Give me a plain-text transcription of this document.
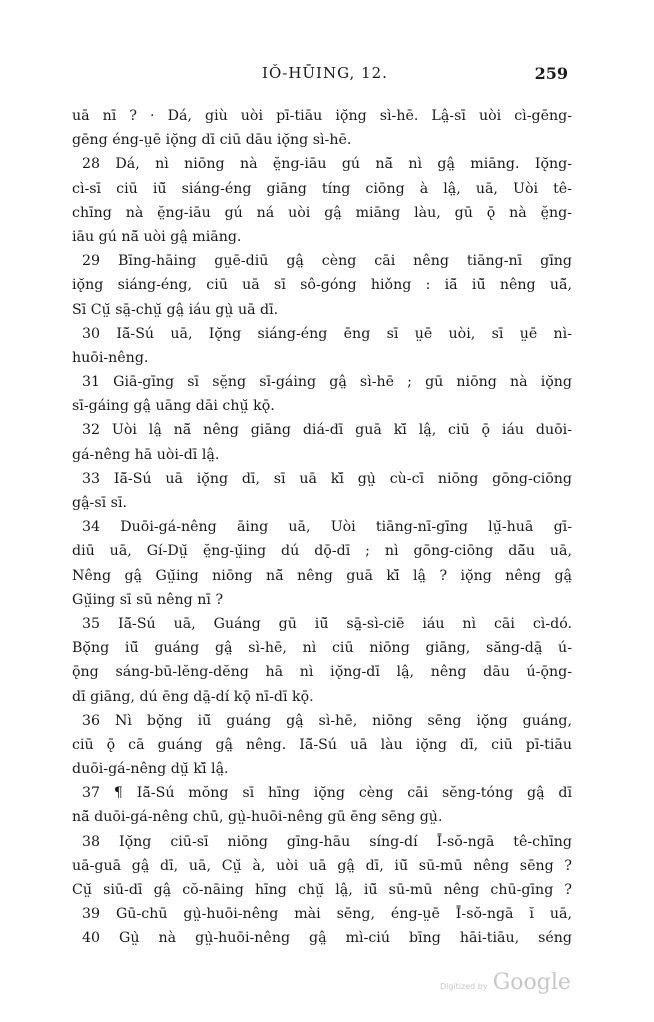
IǑ-HŪING, 12.	259
uā nī ? · Dá, giù uòi pī-tiāu iǫ̆ng sì-hē. Lâ̤-sī uòi cì-gēng-
gēng éng-ṳē iǫ̆ng dī ciū dāu iǫ̆ng sì-hē.
28 Dá, nì niōng nà ĕ̤ng-iāu gú nā̆ nì gâ̤ miāng. Iǫ̆ng-
cì-sī ciū iū̆ siáng-éng giāng tíng ciōng à lâ̤, uā, Uòi tê-
chīng nà ĕ̤ng-iāu gú ná uòi gâ̤ miāng làu, gū ǭ nà ĕ̤ng-
iāu gú nā̆ uòi gâ̤ miāng.
29 Bīng-hāing gṳē-diū gâ̤ cèng cāi nêng tiāng-nī gīng
iǫ̆ng siáng-éng, ciū uā sī sô-góng hiǒng : iā̆ iū̆ nêng uā̆,
Sī Cṳ̆ sā̤-chṳ̆ gâ̤ iáu gṳ̀ uā dī.
30 Iā̆-Sú uā, Iǫ̆ng siáng-éng ēng sī ṳē uòi, sī ṳē nì-
huōi-nêng.
31 Giā-gīng sī sĕ̤ng sī-gáing gâ̤ sì-hē ; gū niōng nà iǫ̆ng
sī-gáing gâ̤ uāng dāi chṳ̆ kǭ.
32 Uòi lâ̤ nā̆ nêng giāng diá-dī guā kī̆ lâ̤, ciū ǭ iáu duōi-
gá-nêng hā uòi-dī lâ̤.
33 Iā̆-Sú uā iǫ̆ng dī, sī uā kī̆ gṳ̀ cù-cī niōng gōng-ciōng
gâ̤-sī sī.
34 Duōi-gá-nêng āing uā, Uòi tiāng-nī-gīng lṳ̆-huā gī-
diū uā, Gí-Dṳ̆ ĕ̤ng-ṳ̆ing dú dǭ-dī ; nì gōng-ciōng dā̆u uā,
Nêng gâ̤ Gṳ̆ing niōng nā̆ nêng guā kī̆ lâ̤ ? iǫ̆ng nêng gâ̤
Gṳ̆ing sī sū nêng nī ?
35 Iā̆-Sú uā, Guáng gū iū̆ sā̤-sì-ciē iáu nì cāi cì-dó.
Bǫ̆ng iū̆ guáng gâ̤ sì-hē, nì ciū niōng giāng, săng-dā̤ ú-
ǭng sáng-bū-lĕng-dĕng hā nì iǫ̆ng-dī lâ̤, nêng dāu ú-ǭng-
dī giāng, dú ēng dā̤-dí kǭ nī-dī kǭ.
36 Nì bǫ̆ng iū̆ guáng gâ̤ sì-hē, niōng sēng iǫ̆ng guáng,
ciū ǭ cā guáng gâ̤ nêng. Iā̆-Sú uā làu iǫ̆ng dī, ciū pī-tiāu
duōi-gá-nêng dṳ̆ kī̆ lâ̤.
37 ¶ Iā̆-Sú mŏng sī hīng iǫ̆ng cèng cāi sĕng-tóng gâ̤ dī
nā̆ duōi-gá-nêng chū, gṳ̀-huōi-nêng gū ēng sēng gṳ̀.
38 Iǫ̆ng ciū-sī niōng gīng-hāu síng-dí Ī-sŏ-ngā tê-chīng
uā-guā gâ̤ dī, uā, Cṳ̆ à, uòi uā gâ̤ dī, iū̆ sū-mū nêng sēng ?
Cṳ̆ siū-dī gâ̤ cŏ-nāing hīng chṳ̆ lâ̤, iū̆ sū-mū nêng chū-gīng ?
39 Gū-chū gṳ̀-huōi-nêng mài sēng, éng-ṳē Ī-sŏ-ngā ĭ uā,
40 Gṳ̀ nà gṳ̀-huōi-nêng gâ̤ mì-ciú bīng hāi-tiāu, séng
Digitized by Google
